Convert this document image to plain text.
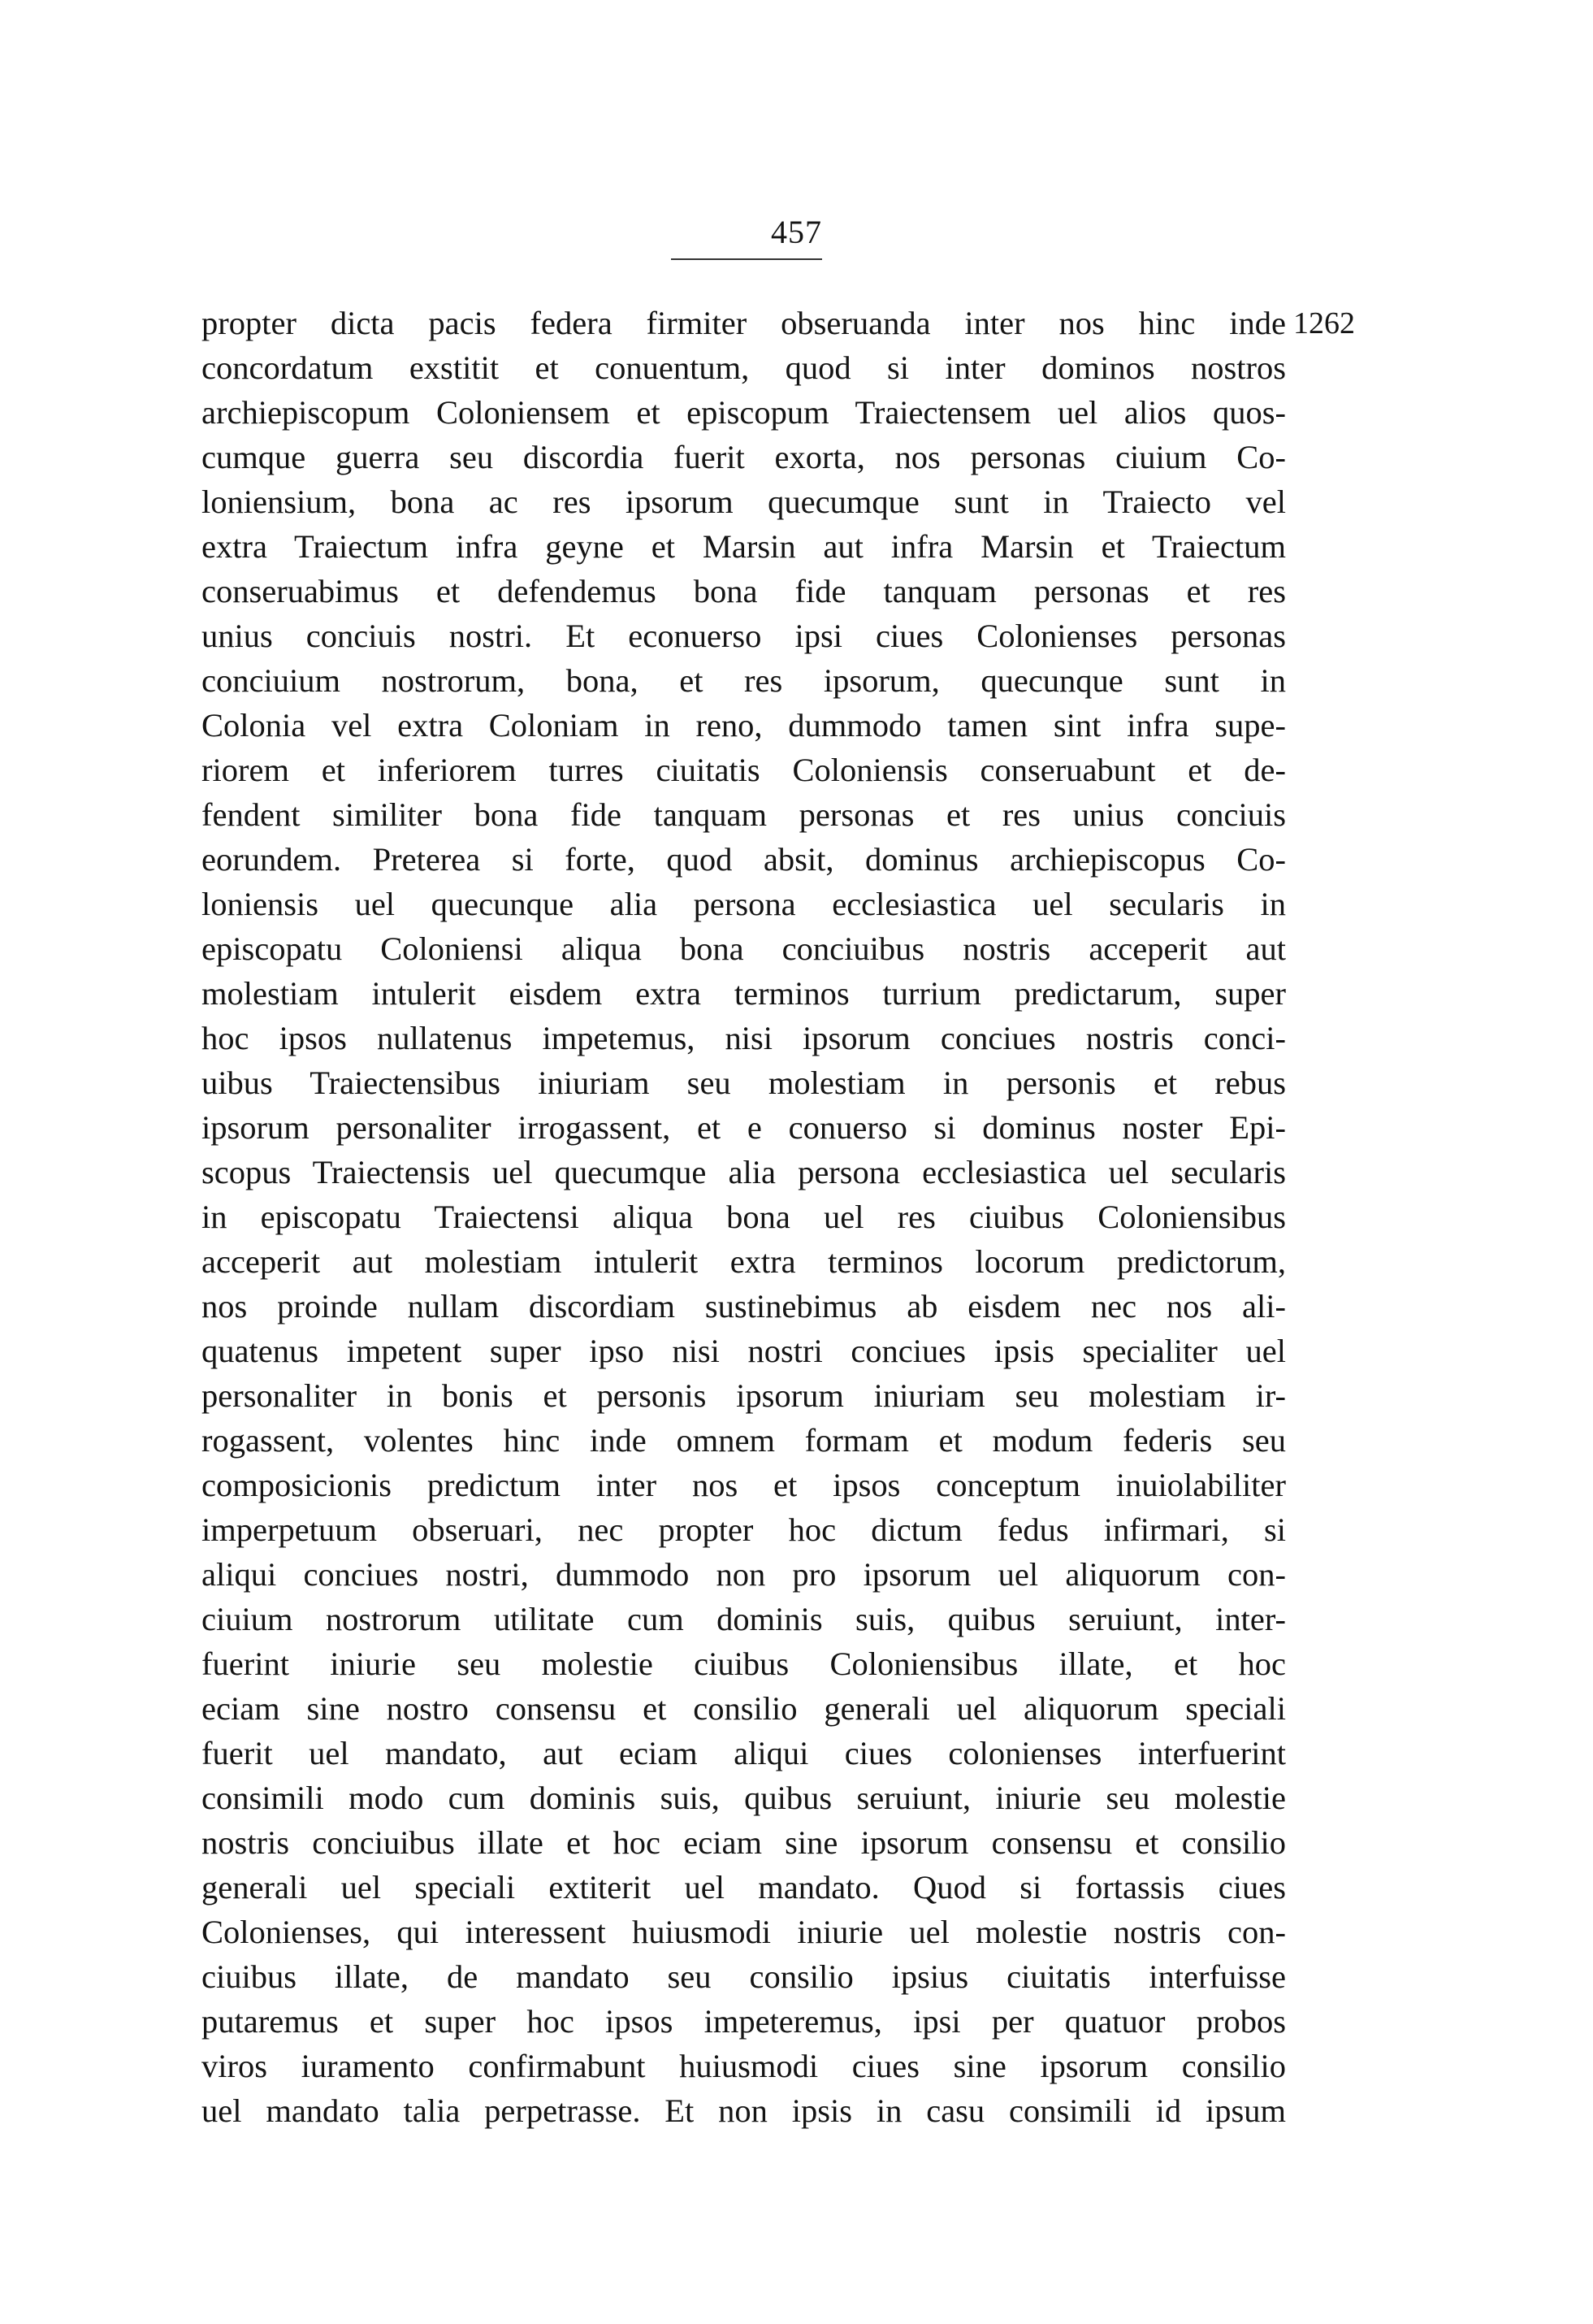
457
1262
propter dicta pacis federa firmiter obseruanda inter nos hinc inde
concordatum exstitit et conuentum, quod si inter dominos nostros
archiepiscopum Coloniensem et episcopum Traiectensem uel alios quos-
cumque guerra seu discordia fuerit exorta, nos personas ciuium Co-
loniensium, bona ac res ipsorum quecumque sunt in Traiecto vel
extra Traiectum infra geyne et Marsin aut infra Marsin et Traiectum
conseruabimus et defendemus bona fide tanquam personas et res
unius conciuis nostri. Et econuerso ipsi ciues Colonienses personas
conciuium nostrorum, bona, et res ipsorum, quecunque sunt in
Colonia vel extra Coloniam in reno, dummodo tamen sint infra supe-
riorem et inferiorem turres ciuitatis Coloniensis conseruabunt et de-
fendent similiter bona fide tanquam personas et res unius conciuis
eorundem. Preterea si forte, quod absit, dominus archiepiscopus Co-
loniensis uel quecunque alia persona ecclesiastica uel secularis in
episcopatu Coloniensi aliqua bona conciuibus nostris acceperit aut
molestiam intulerit eisdem extra terminos turrium predictarum, super
hoc ipsos nullatenus impetemus, nisi ipsorum conciues nostris conci-
uibus Traiectensibus iniuriam seu molestiam in personis et rebus
ipsorum personaliter irrogassent, et e conuerso si dominus noster Epi-
scopus Traiectensis uel quecumque alia persona ecclesiastica uel secularis
in episcopatu Traiectensi aliqua bona uel res ciuibus Coloniensibus
acceperit aut molestiam intulerit extra terminos locorum predictorum,
nos proinde nullam discordiam sustinebimus ab eisdem nec nos ali-
quatenus impetent super ipso nisi nostri conciues ipsis specialiter uel
personaliter in bonis et personis ipsorum iniuriam seu molestiam ir-
rogassent, volentes hinc inde omnem formam et modum federis seu
composicionis predictum inter nos et ipsos conceptum inuiolabiliter
imperpetuum obseruari, nec propter hoc dictum fedus infirmari, si
aliqui conciues nostri, dummodo non pro ipsorum uel aliquorum con-
ciuium nostrorum utilitate cum dominis suis, quibus seruiunt, inter-
fuerint iniurie seu molestie ciuibus Coloniensibus illate, et hoc
eciam sine nostro consensu et consilio generali uel aliquorum speciali
fuerit uel mandato, aut eciam aliqui ciues colonienses interfuerint
consimili modo cum dominis suis, quibus seruiunt, iniurie seu molestie
nostris conciuibus illate et hoc eciam sine ipsorum consensu et consilio
generali uel speciali extiterit uel mandato. Quod si fortassis ciues
Colonienses, qui interessent huiusmodi iniurie uel molestie nostris con-
ciuibus illate, de mandato seu consilio ipsius ciuitatis interfuisse
putaremus et super hoc ipsos impeteremus, ipsi per quatuor probos
viros iuramento confirmabunt huiusmodi ciues sine ipsorum consilio
uel mandato talia perpetrasse. Et non ipsis in casu consimili id ipsum
